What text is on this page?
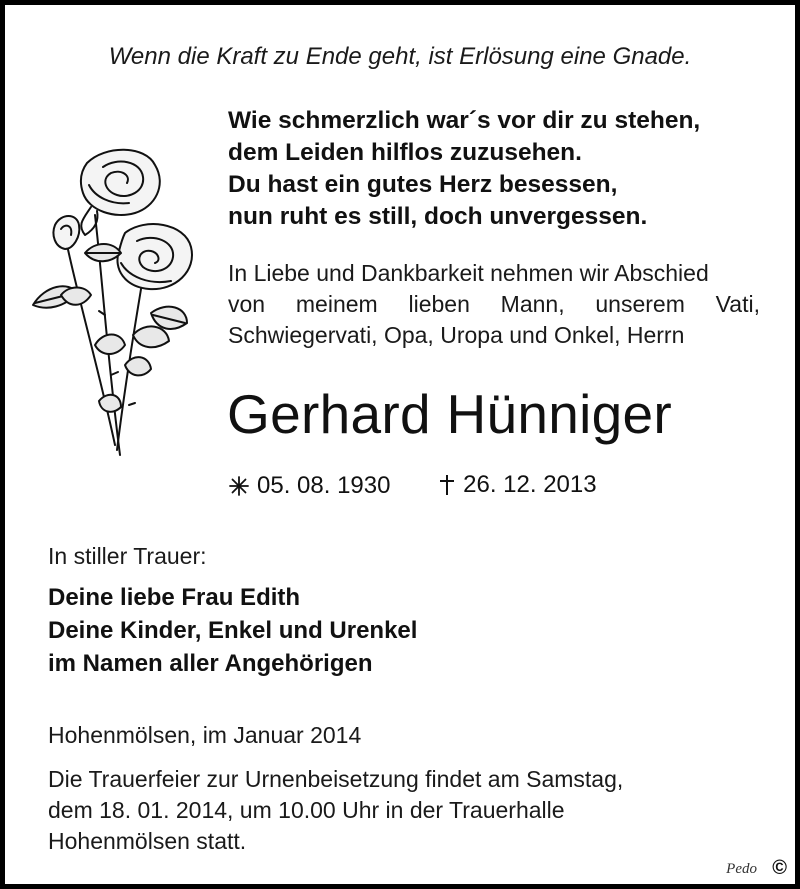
Wenn die Kraft zu Ende geht, ist Erlösung eine Gnade.
Wie schmerzlich war´s vor dir zu stehen,
dem Leiden hilflos zuzusehen.
Du hast ein gutes Herz besessen,
nun ruht es still, doch unvergessen.
In Liebe und Dankbarkeit nehmen wir Abschied
von meinem lieben Mann, unserem Vati,
Schwiegervati, Opa, Uropa und Onkel, Herrn
Gerhard Hünniger
05. 08. 1930
	26. 12. 2013
In stiller Trauer:
Deine liebe Frau Edith
Deine Kinder, Enkel und Urenkel
im Namen aller Angehörigen
Hohenmölsen, im Januar 2014
Die Trauerfeier zur Urnenbeisetzung findet am Samstag,
dem 18. 01. 2014, um 10.00 Uhr in der Trauerhalle
Hohenmölsen statt.
Pedo ©
